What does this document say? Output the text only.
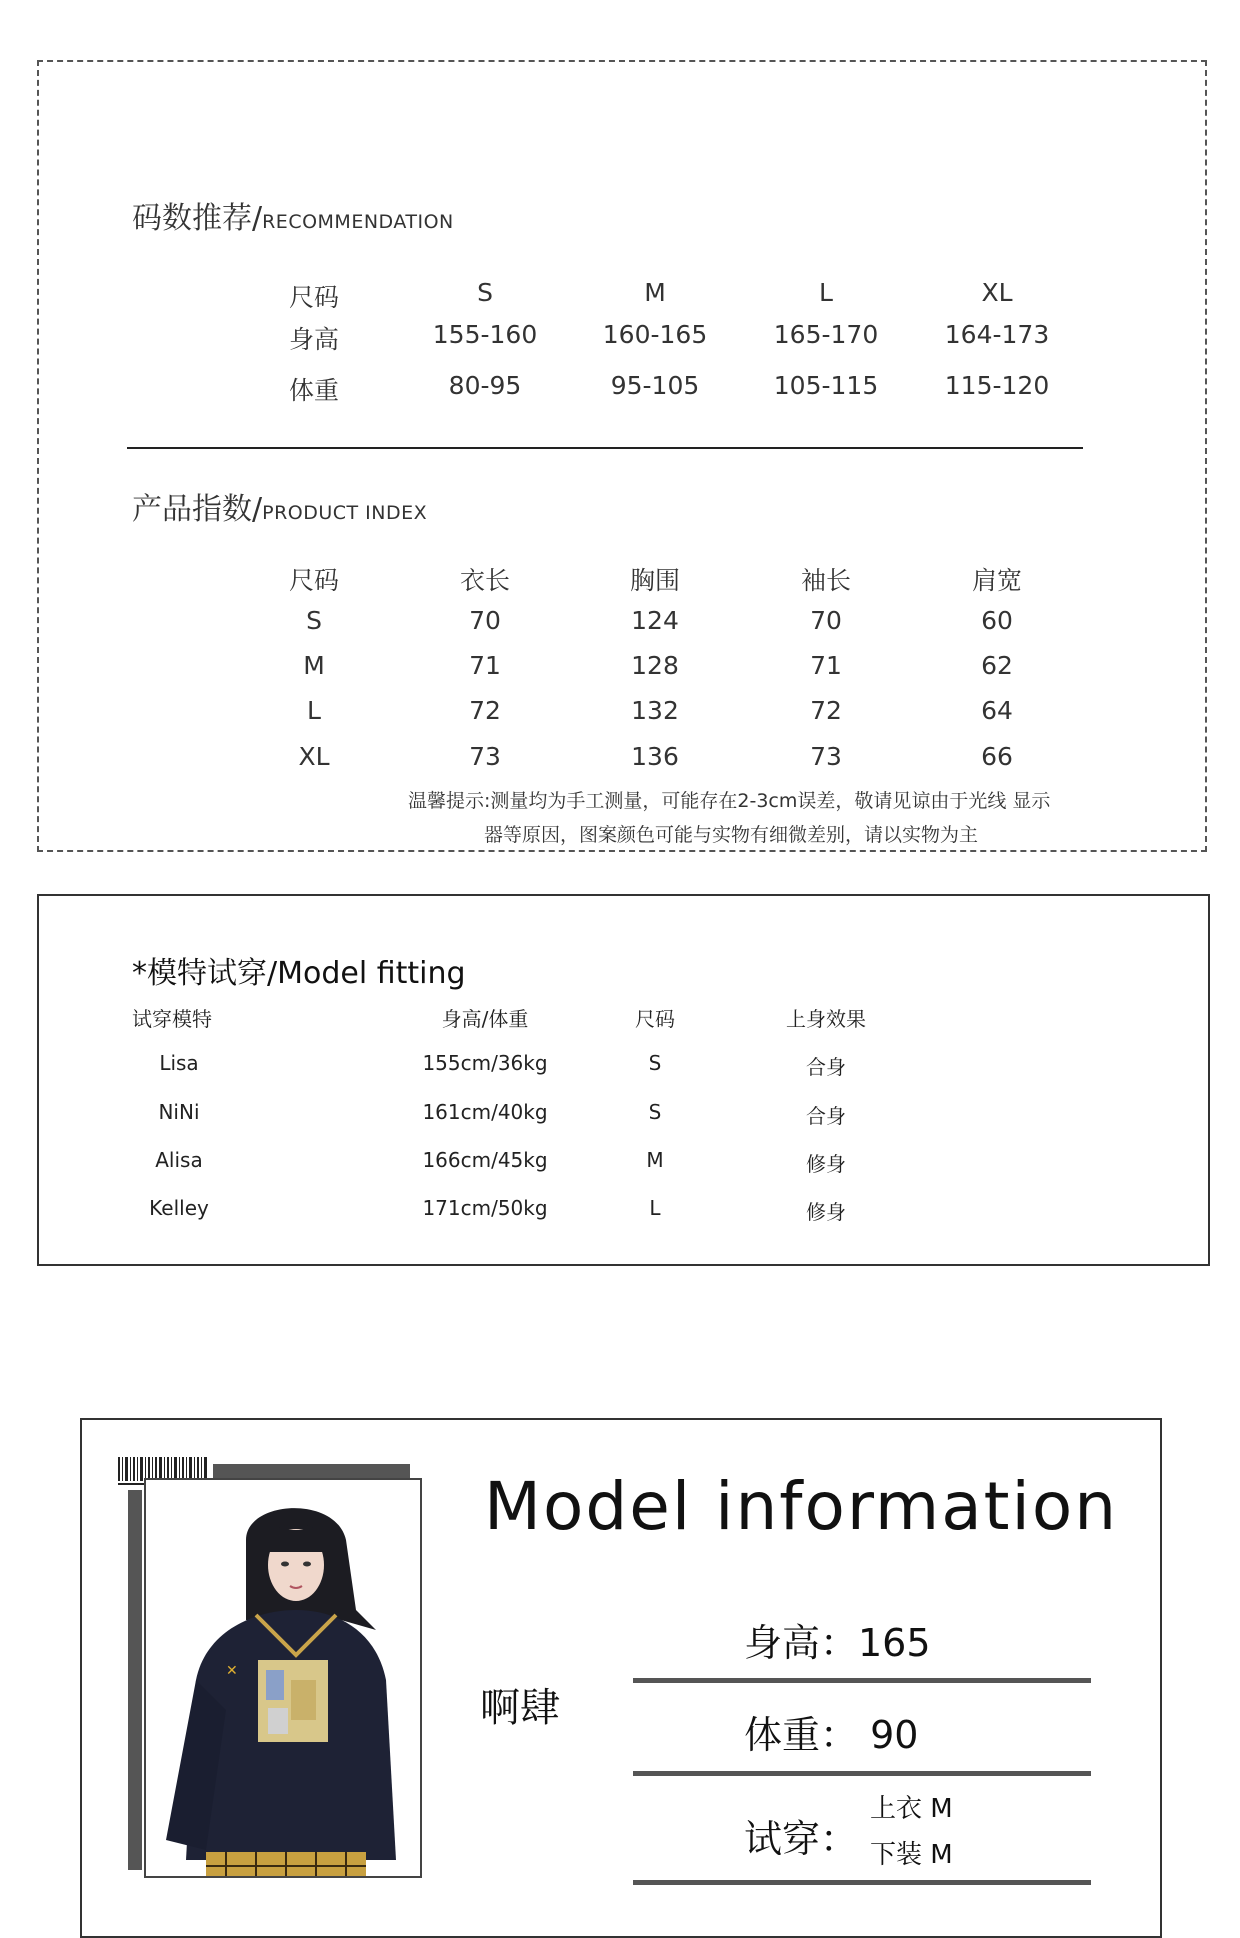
码数推荐/RECOMMENDATION
尺码	S	M	L	XL
身高	155-160	160-165	165-170	164-173
体重	80-95	95-105	105-115	115-120
产品指数/PRODUCT INDEX
尺码	衣长	胸围	袖长	肩宽
S	70	124	70	60
M	71	128	71	62
L	72	132	72	64
XL	73	136	73	66
温馨提示:测量均为手工测量，可能存在2-3cm误差，敬请见谅由于光线 显示
器等原因，图案颜色可能与实物有细微差别，请以实物为主
*模特试穿/Model fitting
试穿模特	身高/体重	尺码	上身效果
Lisa	155cm/36kg	S	合身
NiNi	161cm/40kg	S	合身
Alisa	166cm/45kg	M	修身
Kelley	171cm/50kg	L	修身
✕
Model information
啊肆
身高：165
体重： 90
试穿：
上衣 M
下装 M
